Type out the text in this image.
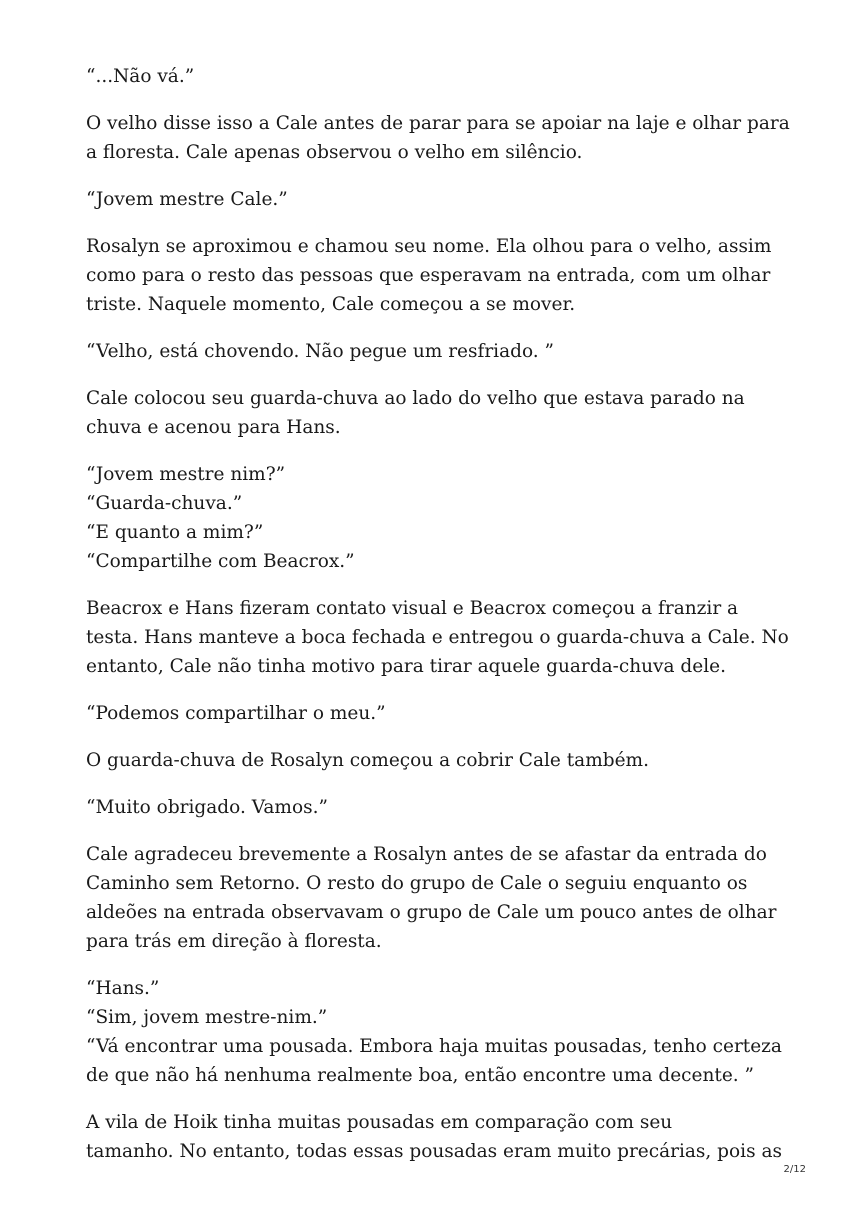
“...Não vá.”

O velho disse isso a Cale antes de parar para se apoiar na laje e olhar para
a floresta. Cale apenas observou o velho em silêncio.

“Jovem mestre Cale.”

Rosalyn se aproximou e chamou seu nome. Ela olhou para o velho, assim
como para o resto das pessoas que esperavam na entrada, com um olhar
triste. Naquele momento, Cale começou a se mover.

“Velho, está chovendo. Não pegue um resfriado. ”

Cale colocou seu guarda-chuva ao lado do velho que estava parado na
chuva e acenou para Hans.

“Jovem mestre nim?”
“Guarda-chuva.”
“E quanto a mim?”
“Compartilhe com Beacrox.”

Beacrox e Hans fizeram contato visual e Beacrox começou a franzir a
testa. Hans manteve a boca fechada e entregou o guarda-chuva a Cale. No
entanto, Cale não tinha motivo para tirar aquele guarda-chuva dele.

“Podemos compartilhar o meu.”

O guarda-chuva de Rosalyn começou a cobrir Cale também.

“Muito obrigado. Vamos.”

Cale agradeceu brevemente a Rosalyn antes de se afastar da entrada do
Caminho sem Retorno. O resto do grupo de Cale o seguiu enquanto os
aldeões na entrada observavam o grupo de Cale um pouco antes de olhar
para trás em direção à floresta.

“Hans.”
“Sim, jovem mestre-nim.”
“Vá encontrar uma pousada. Embora haja muitas pousadas, tenho certeza
de que não há nenhuma realmente boa, então encontre uma decente. ”

A vila de Hoik tinha muitas pousadas em comparação com seu
tamanho. No entanto, todas essas pousadas eram muito precárias, pois as

2/12
